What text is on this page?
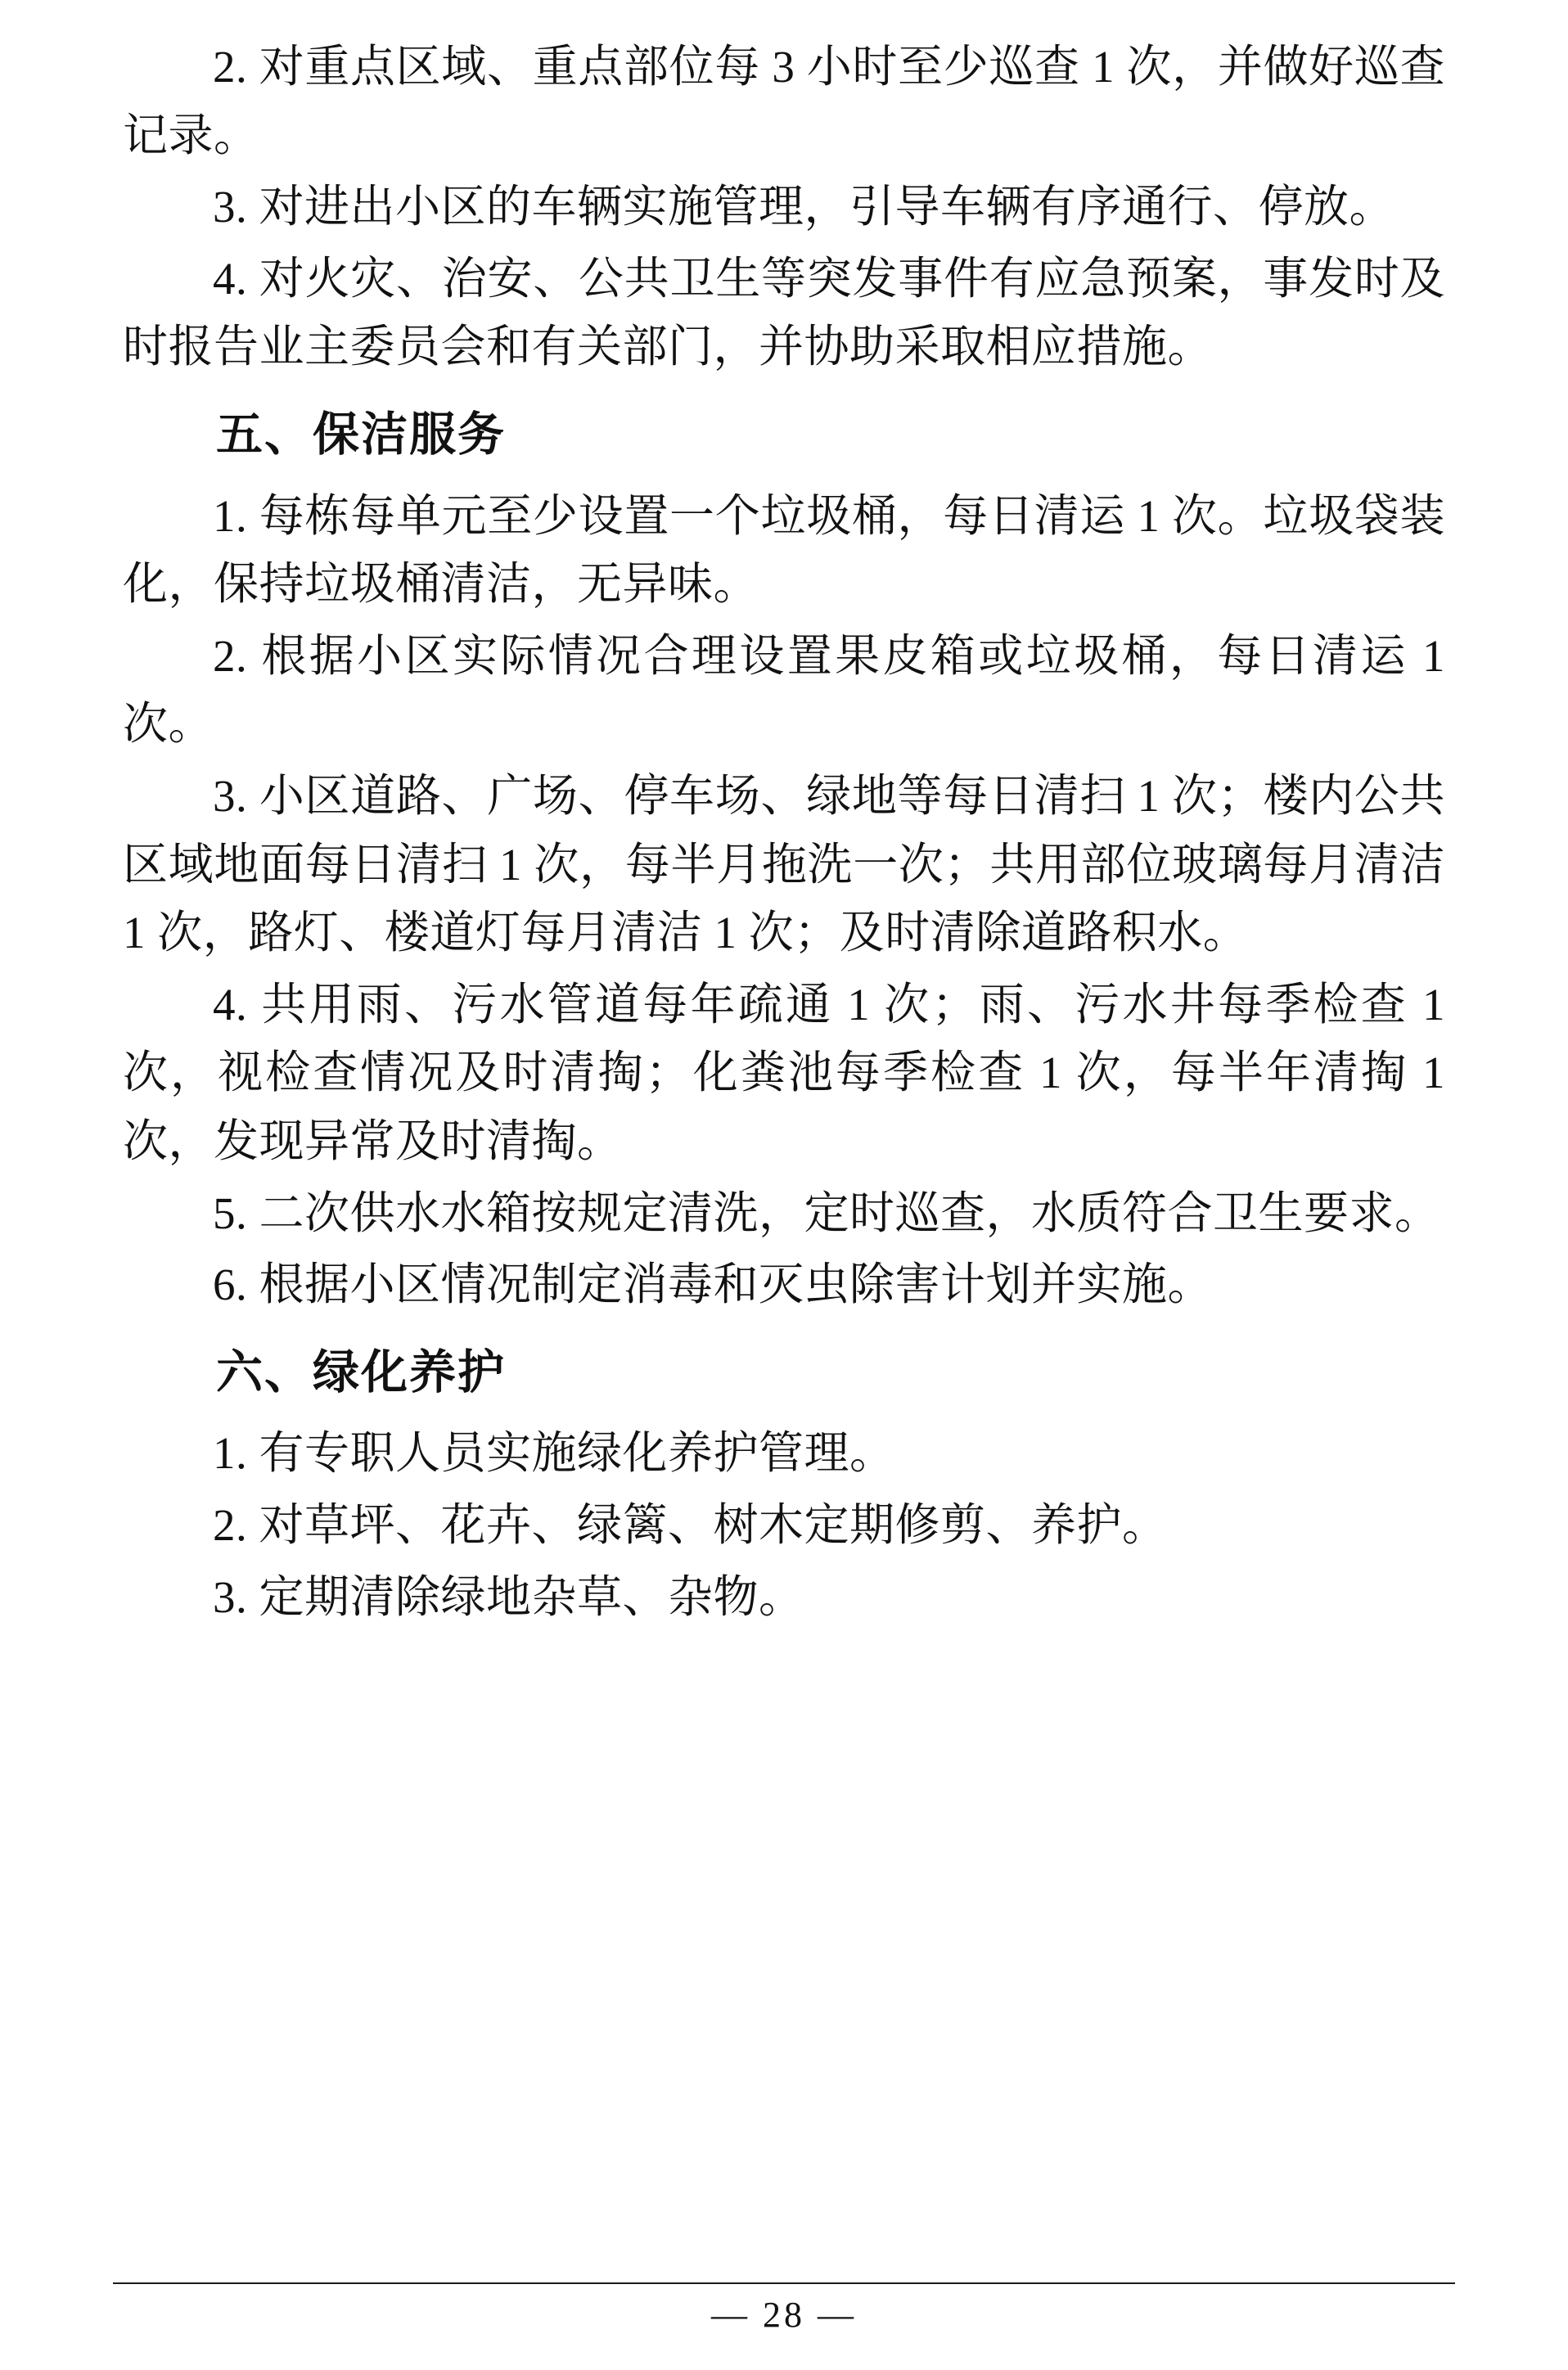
2. 对重点区域、重点部位每 3 小时至少巡查 1 次，并做好巡查记录。

3. 对进出小区的车辆实施管理，引导车辆有序通行、停放。

4. 对火灾、治安、公共卫生等突发事件有应急预案，事发时及时报告业主委员会和有关部门，并协助采取相应措施。

五、保洁服务

1. 每栋每单元至少设置一个垃圾桶，每日清运 1 次。垃圾袋装化，保持垃圾桶清洁，无异味。

2. 根据小区实际情况合理设置果皮箱或垃圾桶，每日清运 1 次。

3. 小区道路、广场、停车场、绿地等每日清扫 1 次；楼内公共区域地面每日清扫 1 次，每半月拖洗一次；共用部位玻璃每月清洁 1 次，路灯、楼道灯每月清洁 1 次；及时清除道路积水。

4. 共用雨、污水管道每年疏通 1 次；雨、污水井每季检查 1 次，视检查情况及时清掏；化粪池每季检查 1 次，每半年清掏 1 次，发现异常及时清掏。

5. 二次供水水箱按规定清洗，定时巡查，水质符合卫生要求。

6. 根据小区情况制定消毒和灭虫除害计划并实施。

六、绿化养护

1. 有专职人员实施绿化养护管理。

2. 对草坪、花卉、绿篱、树木定期修剪、养护。

3. 定期清除绿地杂草、杂物。

— 28 —
